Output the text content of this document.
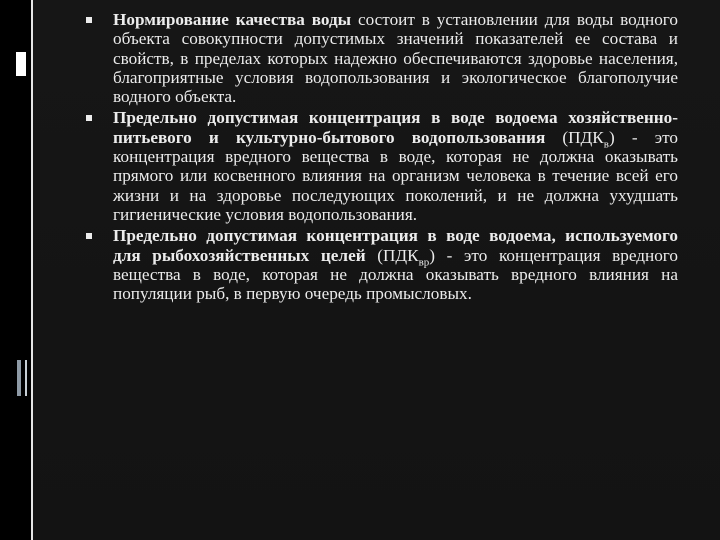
Нормирование качества воды состоит в установлении для воды водного объекта совокупности допустимых значений показателей ее состава и свойств, в пределах которых надежно обеспечиваются здоровье населения, благоприятные условия водопользования и экологическое благополучие водного объекта.

Предельно допустимая концентрация в воде водоема хозяйственно-питьевого и культурно-бытового водопользования $(ПДК_в)$ - это концентрация вредного вещества в воде, которая не должна оказывать прямого или косвенного влияния на организм человека в течение всей его жизни и на здоровье последующих поколений, и не должна ухудшать гигиенические условия водопользования.

Предельно допустимая концентрация в воде водоема, используемого для рыбохозяйственных целей $(ПДК_{вр})$ - это концентрация вредного вещества в воде, которая не должна оказывать вредного влияния на популяции рыб, в первую очередь промысловых.
